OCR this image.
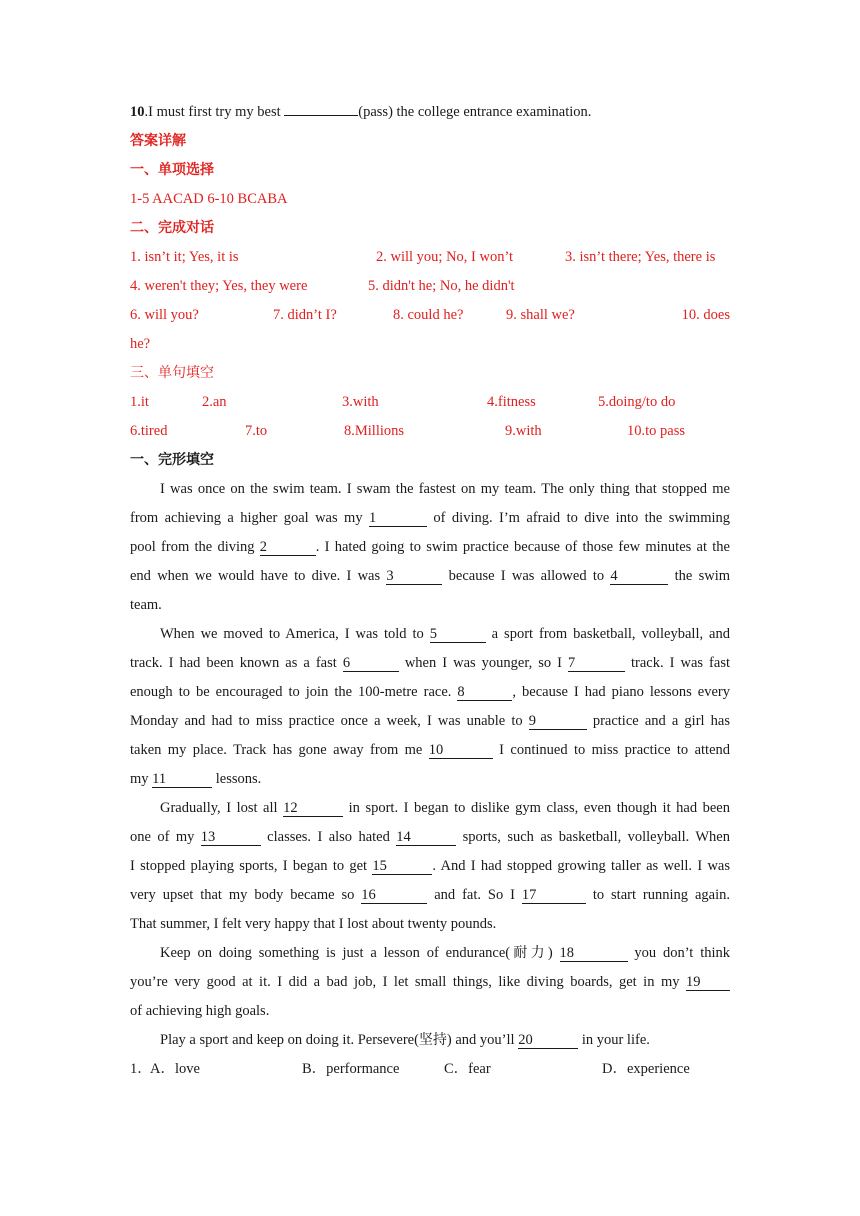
10.I must first try my best	(pass) the college entrance examination.
答案详解
一、单项选择
1-5 AACAD 6-10 BCABA
二、完成对话
1. isn’t it; Yes, it is	2. will you; No, I won’t	3. isn’t there; Yes, there is
4. weren't they; Yes, they were	5. didn't he; No, he didn't
6. will you?	7. didn’t I?	8. could he?	9. shall we?	10. does
he?
三、单句填空
1.it	2.an	3.with	4.fitness	5.doing/to do
6.tired	7.to	8.Millions	9.with	10.to pass
一、完形填空
I was once on the swim team. I swam the fastest on my team. The only thing that stopped me
from achieving a higher goal was my 1	of diving. I’m afraid to dive into the swimming
pool from the diving 2	. I hated going to swim practice because of those few minutes at the
end when we would have to dive. I was 3	because I was allowed to 4	the swim
team.
When we moved to America, I was told to 5	a sport from basketball, volleyball, and
track. I had been known as a fast 6	when I was younger, so I 7	track. I was fast
enough to be encouraged to join the 100-metre race. 8	, because I had piano lessons every
Monday and had to miss practice once a week, I was unable to 9	practice and a girl has
taken my place. Track has gone away from me 10	I continued to miss practice to attend
my 11	lessons.
Gradually, I lost all 12	in sport. I began to dislike gym class, even though it had been
one of my 13	classes. I also hated 14	sports, such as basketball, volleyball. When
I stopped playing sports, I began to get 15	. And I had stopped growing taller as well. I was
very upset that my body became so 16	and fat. So I 17	to start running again.
That summer, I felt very happy that I lost about twenty pounds.
Keep on doing something is just a lesson of endurance(耐力) 18	you don’t think
you’re very good at it. I did a bad job, I let small things, like diving boards, get in my 19
of achieving high goals.
Play a sport and keep on doing it. Persevere(坚持) and you’ll 20	in your life.
1．
A．love	B．performance	C．fear	D．experience
